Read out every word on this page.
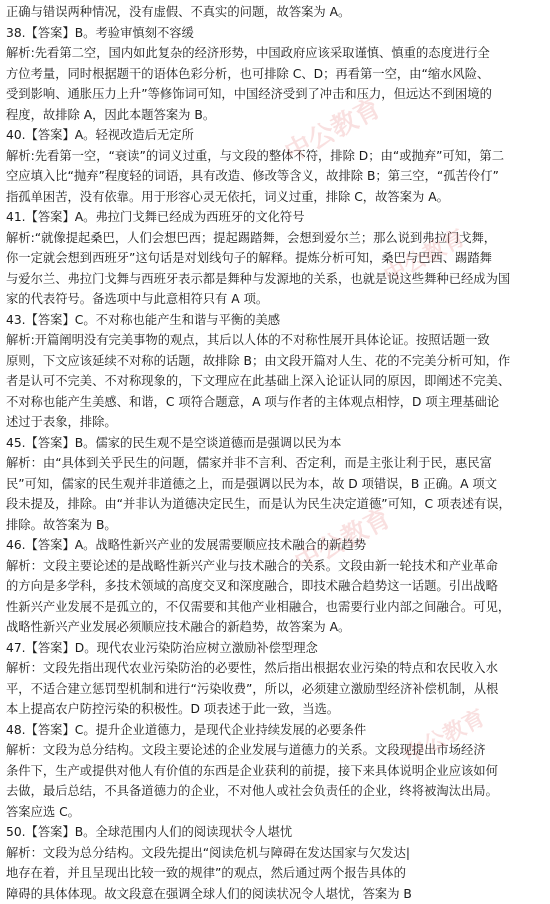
正确与错误两种情况，没有虚假、不真实的问题，故答案为 A。
38.【答案】B。考验审慎刻不容缓
解析:先看第二空，国内如此复杂的经济形势，中国政府应该采取谨慎、慎重的态度进行全
方位考量，同时根据题干的语体色彩分析，也可排除 C、D；再看第一空，由“缩水风险、
受到影响、通胀压力上升”等修饰词可知，中国经济受到了冲击和压力，但远达不到困境的
程度，故排除 A，因此本题答案为 B。
40.【答案】A。轻视改造后无定所
解析:先看第一空，“衰读”的词义过重，与文段的整体不符，排除 D；由“或抛弃”可知，第二
空应填入比“抛弃”程度轻的词语，具有改造、修改等含义，故排除 B；第三空，“孤苦伶仃”
指孤单困苦，没有依靠。用于形容心灵无依托，词义过重，排除 C，故答案为 A。
41.【答案】A。弗拉门戈舞已经成为西班牙的文化符号
解析:“就像提起桑巴，人们会想巴西；提起踢踏舞，会想到爱尔兰；那么说到弗拉门戈舞，
你一定就会想到西班牙”这句话是对划线句子的解释。提炼分析可知，桑巴与巴西、踢踏舞
与爱尔兰、弗拉门戈舞与西班牙表示都是舞种与发源地的关系，也就是说这些舞种已经成为国
家的代表符号。备选项中与此意相符只有 A 项。
43.【答案】C。不对称也能产生和谐与平衡的美感
解析:开篇阐明没有完美事物的观点，其后以人体的不对称性展开具体论证。按照话题一致
原则，下文应该延续不对称的话题，故排除 B；由文段开篇对人生、花的不完美分析可知，作
者是认可不完美、不对称现象的，下文理应在此基础上深入论证认同的原因，即阐述不完美、
不对称也能产生美感、和谐，C 项符合题意，A 项与作者的主体观点相悖，D 项主理基础论
述过于表象，排除。
45.【答案】B。儒家的民生观不是空谈道德而是强调以民为本
解析：由“具体到关乎民生的问题，儒家并非不言利、否定利，而是主张让利于民，惠民富
民”可知，儒家的民生观并非道德之上，而是强调以民为本，故 D 项错误，B 正确。A 项文
段未提及，排除。由“并非认为道德决定民生，而是认为民生决定道德”可知，C 项表述有误，
排除。故答案为 B。
46.【答案】A。战略性新兴产业的发展需要顺应技术融合的新趋势
解析：文段主要论述的是战略性新兴产业与技术融合的关系。文段由新一轮技术和产业革命
的方向是多学科，多技术领域的高度交叉和深度融合，即技术融合趋势这一话题。引出战略
性新兴产业发展不是孤立的，不仅需要和其他产业相融合，也需要行业内部之间融合。可见，
战略性新兴产业发展必须顺应技术融合的新趋势，故答案为 A。
47.【答案】D。现代农业污染防治应树立激励补偿型理念
解析：文段先指出现代农业污染防治的必要性，然后指出根据农业污染的特点和农民收入水
平，不适合建立惩罚型机制和进行“污染收费”，所以，必须建立激励型经济补偿机制，从根
本上提高农户防控污染的积极性。D 项表述于此一致，当选。
48.【答案】C。提升企业道德力，是现代企业持续发展的必要条件
解析：文段为总分结构。文段主要论述的企业发展与道德力的关系。文段现提出市场经济
条件下，生产或提供对他人有价值的东西是企业获利的前提，接下来具体说明企业应该如何
去做，最后总结，不具备道德力的企业，不对他人或社会负责任的企业，终将被淘汰出局。
答案应选 C。
50.【答案】B。全球范围内人们的阅读现状令人堪忧
解析：文段为总分结构。文段先提出“阅读危机与障碍在发达国家与欠发达|
地存在着，并且呈现出比较一致的规律”的观点，然后通过两个报告具体的
障碍的具体体现。故文段意在强调全球人们的阅读状况令人堪忧，答案为 B
中公教育
中公教育
中公教育
中公教育
